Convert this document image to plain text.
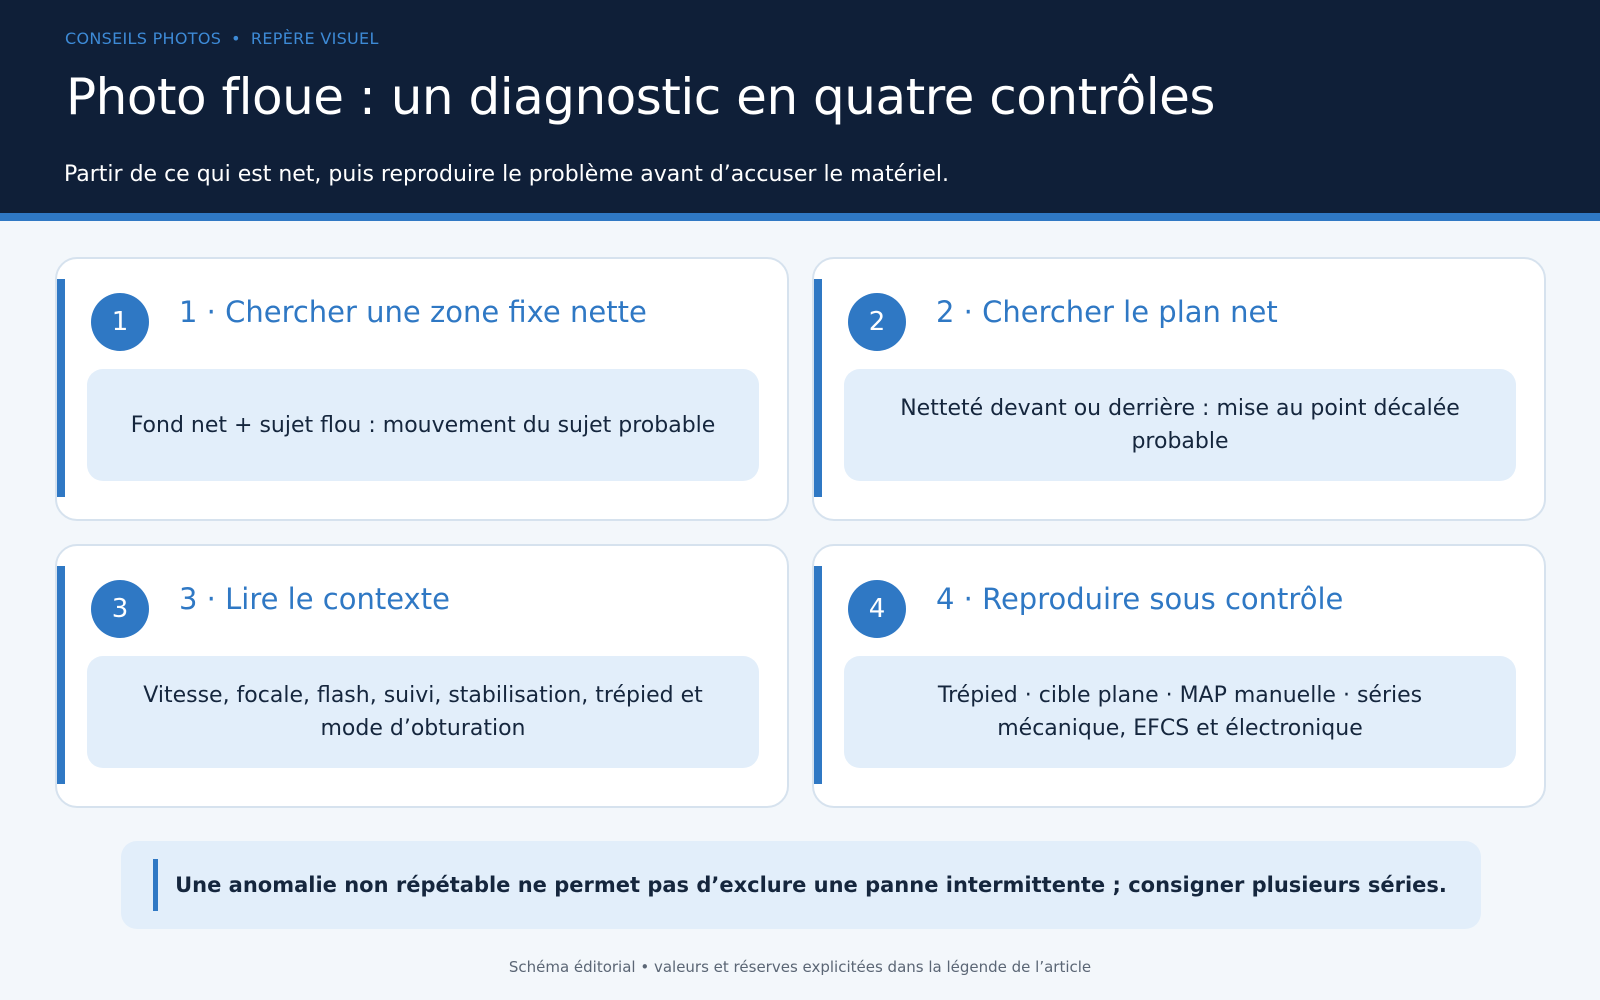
CONSEILS PHOTOS • REPÈRE VISUEL
Photo floue : un diagnostic en quatre contrôles

Partir de ce qui est net, puis reproduire le problème avant d’accuser le matériel.

1	1 · Chercher une zone fixe nette
Fond net + sujet flou : mouvement du sujet probable
2	2 · Chercher le plan net
Netteté devant ou derrière : mise au point décalée probable
3	3 · Lire le contexte
Vitesse, focale, flash, suivi, stabilisation, trépied et mode d’obturation
4	4 · Reproduire sous contrôle
Trépied · cible plane · MAP manuelle · séries mécanique, EFCS et électronique
Une anomalie non répétable ne permet pas d’exclure une panne intermittente ; consigner plusieurs séries.
Schéma éditorial • valeurs et réserves explicitées dans la légende de l’article
